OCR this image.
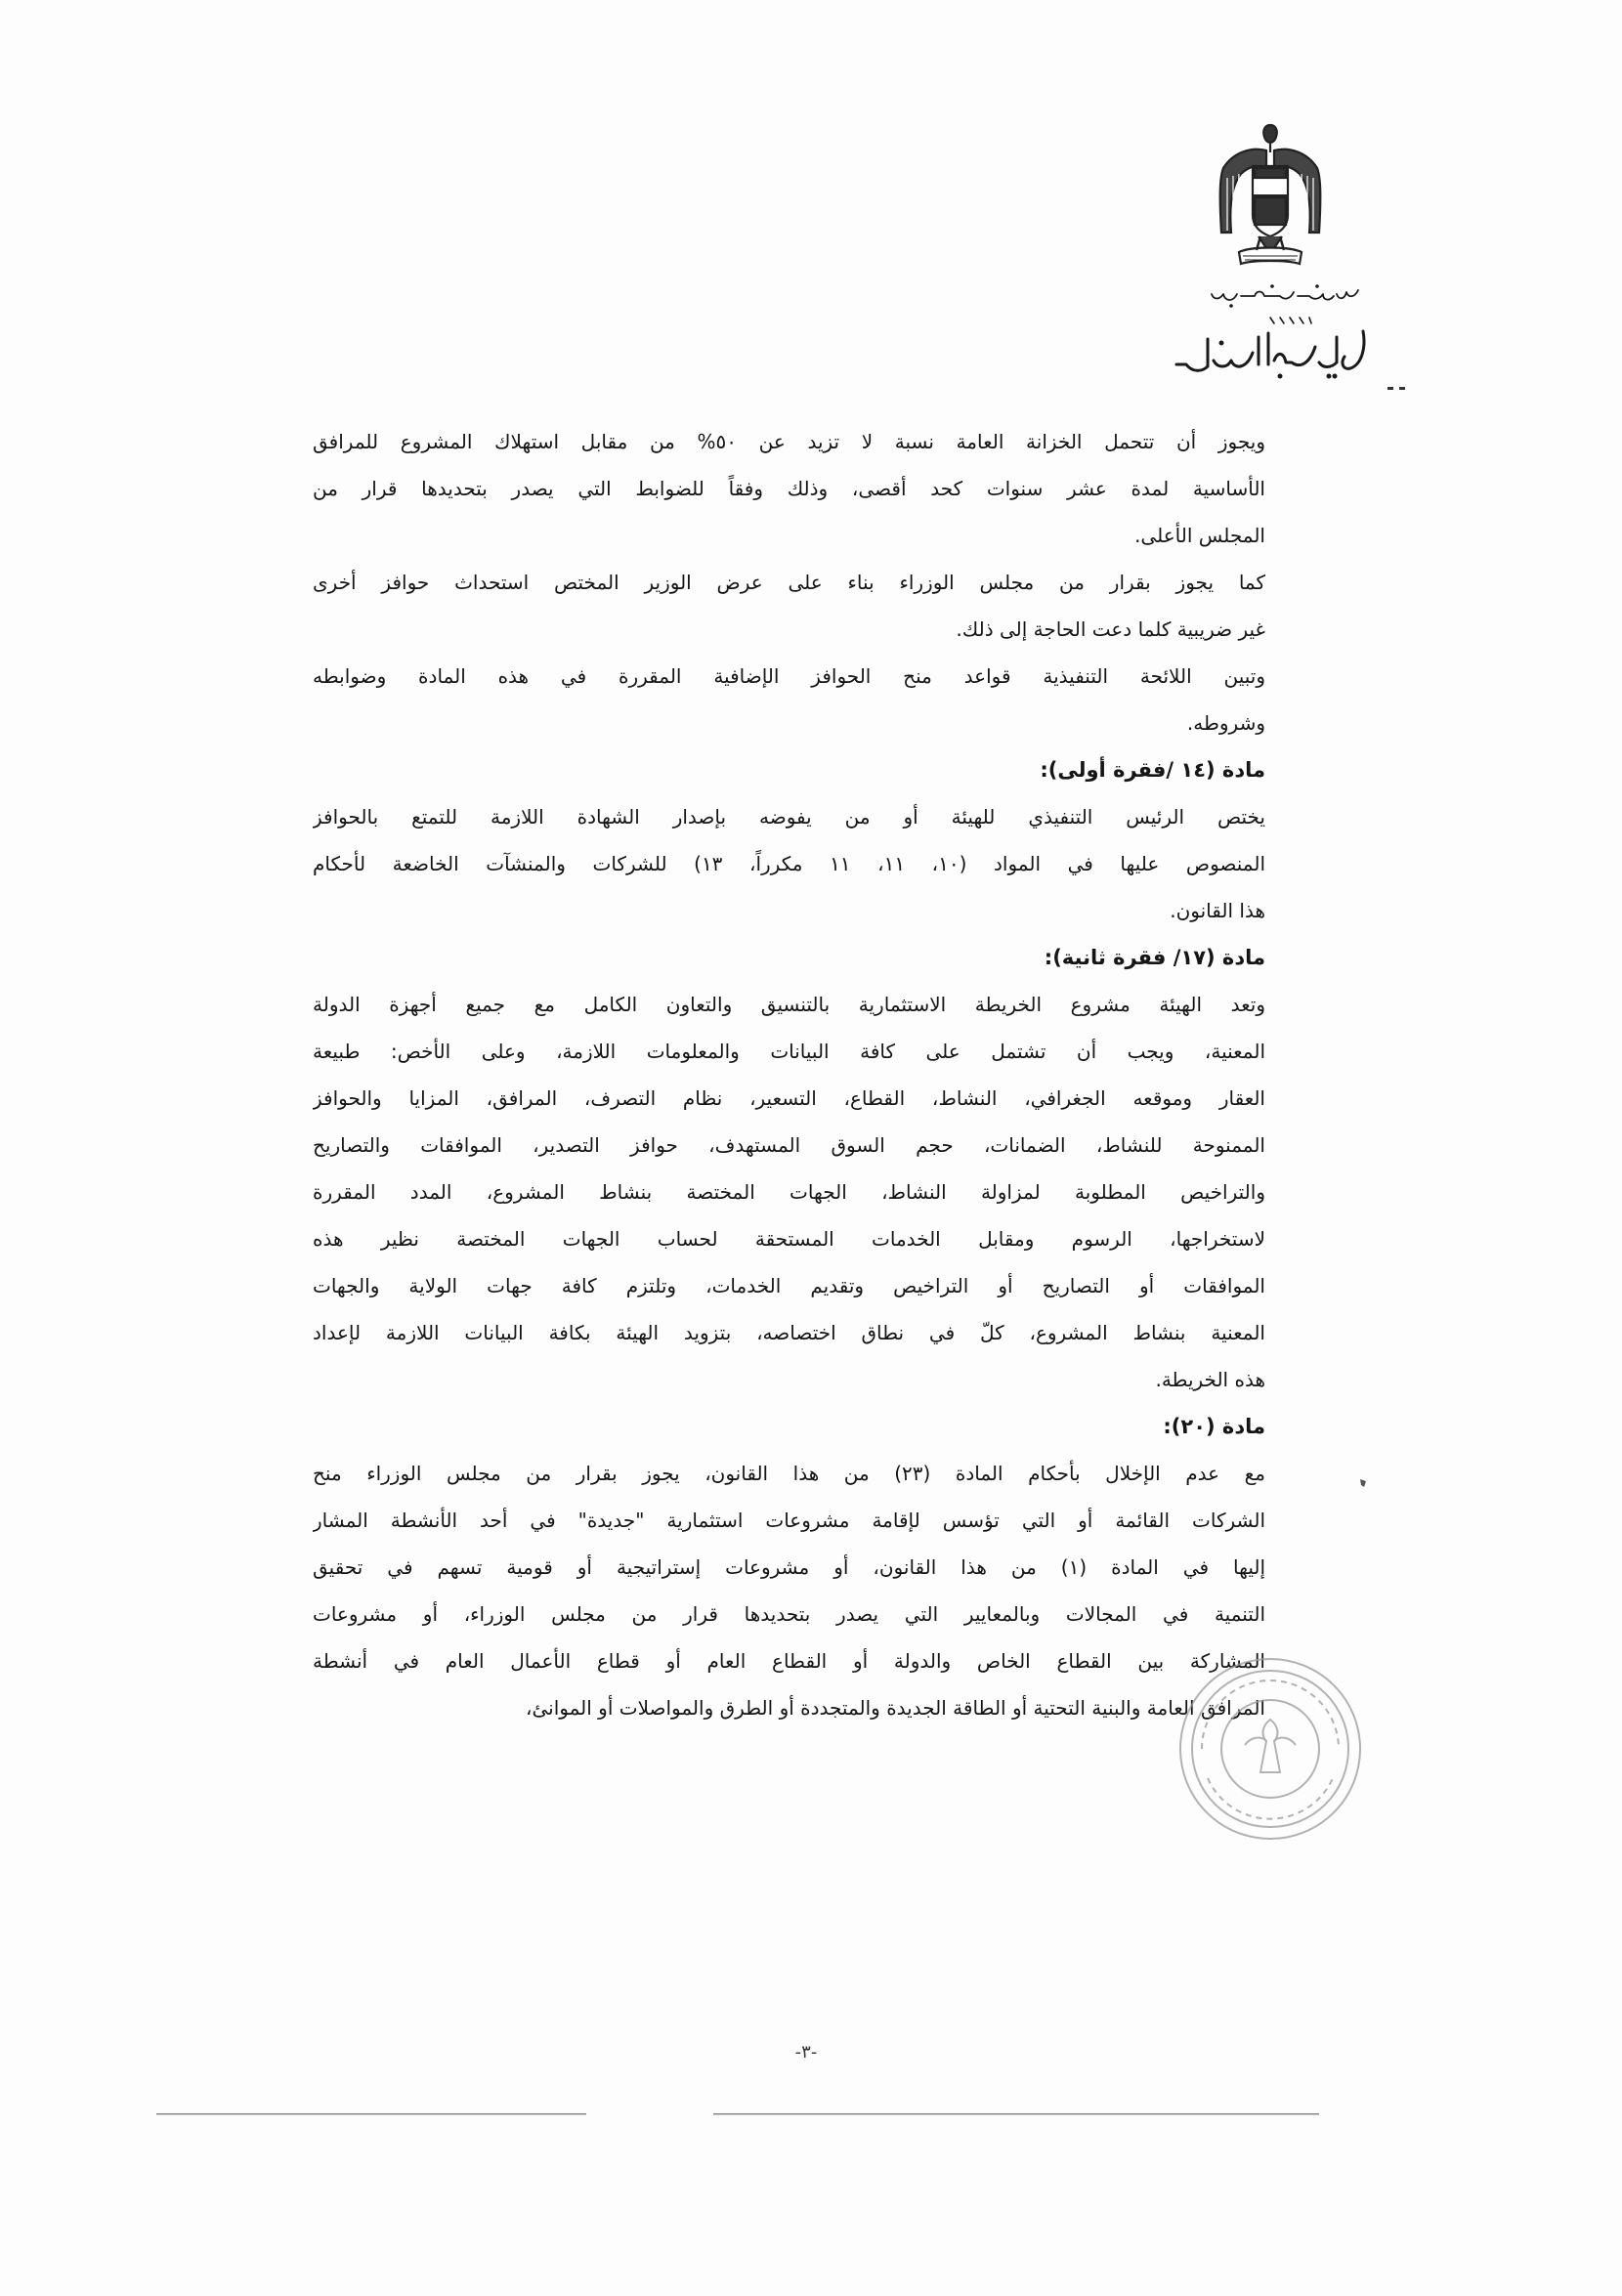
ويجوز أن تتحمل الخزانة العامة نسبة لا تزيد عن ٥٠% من مقابل استهلاك المشروع للمرافق
الأساسية لمدة عشر سنوات كحد أقصى، وذلك وفقاً للضوابط التي يصدر بتحديدها قرار من
المجلس الأعلى.
كما يجوز بقرار من مجلس الوزراء بناء على عرض الوزير المختص استحداث حوافز أخرى
غير ضريبية كلما دعت الحاجة إلى ذلك.
وتبين اللائحة التنفيذية قواعد منح الحوافز الإضافية المقررة في هذه المادة وضوابطه
وشروطه.
مادة (١٤ /فقرة أولى):
يختص الرئيس التنفيذي للهيئة أو من يفوضه بإصدار الشهادة اللازمة للتمتع بالحوافز
المنصوص عليها في المواد (١٠، ١١، ١١ مكرراً، ١٣) للشركات والمنشآت الخاضعة لأحكام
هذا القانون.
مادة (١٧/ فقرة ثانية):
وتعد الهيئة مشروع الخريطة الاستثمارية بالتنسيق والتعاون الكامل مع جميع أجهزة الدولة
المعنية، ويجب أن تشتمل على كافة البيانات والمعلومات اللازمة، وعلى الأخص: طبيعة
العقار وموقعه الجغرافي، النشاط، القطاع، التسعير، نظام التصرف، المرافق، المزايا والحوافز
الممنوحة للنشاط، الضمانات، حجم السوق المستهدف، حوافز التصدير، الموافقات والتصاريح
والتراخيص المطلوبة لمزاولة النشاط، الجهات المختصة بنشاط المشروع، المدد المقررة
لاستخراجها، الرسوم ومقابل الخدمات المستحقة لحساب الجهات المختصة نظير هذه
الموافقات أو التصاريح أو التراخيص وتقديم الخدمات، وتلتزم كافة جهات الولاية والجهات
المعنية بنشاط المشروع، كلّ في نطاق اختصاصه، بتزويد الهيئة بكافة البيانات اللازمة لإعداد
هذه الخريطة.
مادة (٢٠):
مع عدم الإخلال بأحكام المادة (٢٣) من هذا القانون، يجوز بقرار من مجلس الوزراء منح
الشركات القائمة أو التي تؤسس لإقامة مشروعات استثمارية "جديدة" في أحد الأنشطة المشار
إليها في المادة (١) من هذا القانون، أو مشروعات إستراتيجية أو قومية تسهم في تحقيق
التنمية في المجالات وبالمعايير التي يصدر بتحديدها قرار من مجلس الوزراء، أو مشروعات
المشاركة بين القطاع الخاص والدولة أو القطاع العام أو قطاع الأعمال العام في أنشطة
المرافق العامة والبنية التحتية أو الطاقة الجديدة والمتجددة أو الطرق والمواصلات أو الموانئ،
-٣-
